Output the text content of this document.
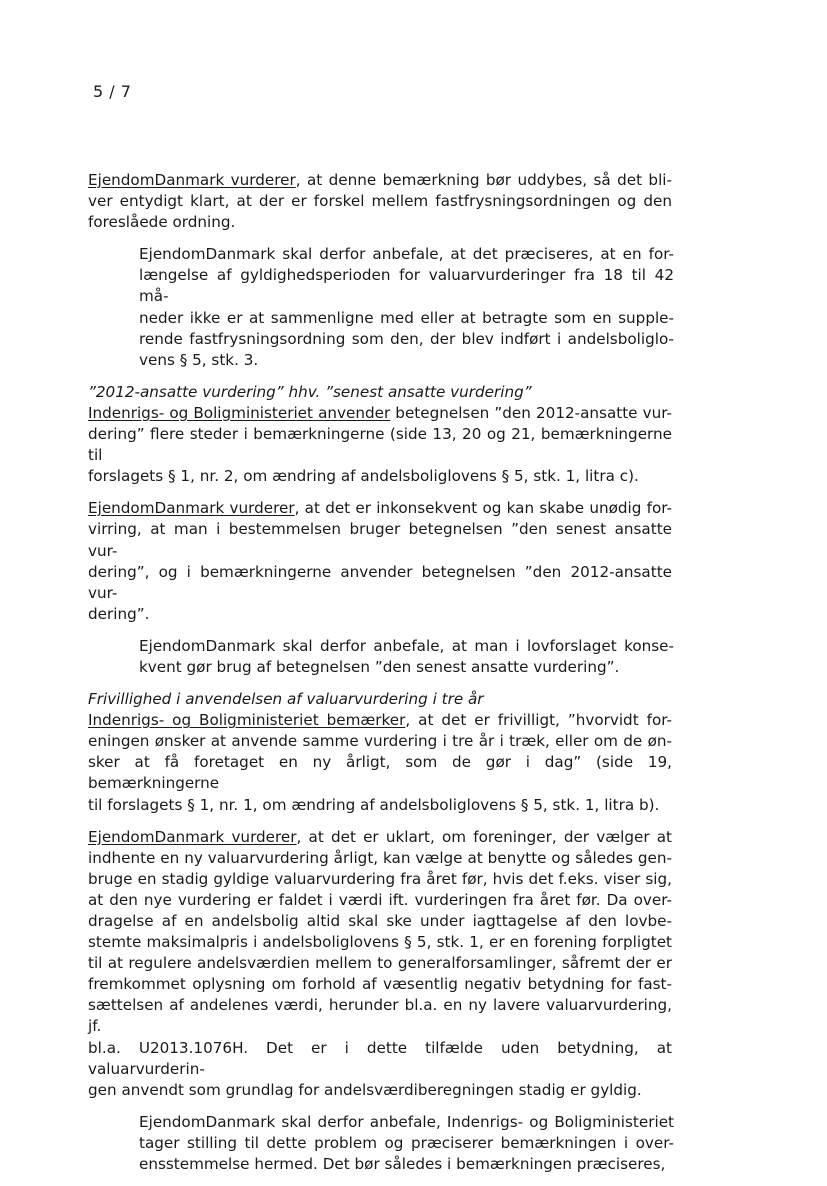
5 / 7
EjendomDanmark vurderer, at denne bemærkning bør uddybes, så det bli-
ver entydigt klart, at der er forskel mellem fastfrysningsordningen og den
foreslåede ordning.
EjendomDanmark skal derfor anbefale, at det præciseres, at en for-
længelse af gyldighedsperioden for valuarvurderinger fra 18 til 42 må-
neder ikke er at sammenligne med eller at betragte som en supple-
rende fastfrysningsordning som den, der blev indført i andelsboliglo-
vens § 5, stk. 3.
”2012-ansatte vurdering” hhv. ”senest ansatte vurdering”
Indenrigs- og Boligministeriet anvender betegnelsen ”den 2012-ansatte vur-
dering” flere steder i bemærkningerne (side 13, 20 og 21, bemærkningerne til
forslagets § 1, nr. 2, om ændring af andelsboliglovens § 5, stk. 1, litra c).
EjendomDanmark vurderer, at det er inkonsekvent og kan skabe unødig for-
virring, at man i bestemmelsen bruger betegnelsen ”den senest ansatte vur-
dering”, og i bemærkningerne anvender betegnelsen ”den 2012-ansatte vur-
dering”.
EjendomDanmark skal derfor anbefale, at man i lovforslaget konse-
kvent gør brug af betegnelsen ”den senest ansatte vurdering”.
Frivillighed i anvendelsen af valuarvurdering i tre år
Indenrigs- og Boligministeriet bemærker, at det er frivilligt, ”hvorvidt for-
eningen ønsker at anvende samme vurdering i tre år i træk, eller om de øn-
sker at få foretaget en ny årligt, som de gør i dag” (side 19, bemærkningerne
til forslagets § 1, nr. 1, om ændring af andelsboliglovens § 5, stk. 1, litra b).
EjendomDanmark vurderer, at det er uklart, om foreninger, der vælger at
indhente en ny valuarvurdering årligt, kan vælge at benytte og således gen-
bruge en stadig gyldige valuarvurdering fra året før, hvis det f.eks. viser sig,
at den nye vurdering er faldet i værdi ift. vurderingen fra året før. Da over-
dragelse af en andelsbolig altid skal ske under iagttagelse af den lovbe-
stemte maksimalpris i andelsboliglovens § 5, stk. 1, er en forening forpligtet
til at regulere andelsværdien mellem to generalforsamlinger, såfremt der er
fremkommet oplysning om forhold af væsentlig negativ betydning for fast-
sættelsen af andelenes værdi, herunder bl.a. en ny lavere valuarvurdering, jf.
bl.a. U2013.1076H. Det er i dette tilfælde uden betydning, at valuarvurderin-
gen anvendt som grundlag for andelsværdiberegningen stadig er gyldig.
EjendomDanmark skal derfor anbefale, Indenrigs- og Boligministeriet
tager stilling til dette problem og præciserer bemærkningen i over-
ensstemmelse hermed. Det bør således i bemærkningen præciseres,
